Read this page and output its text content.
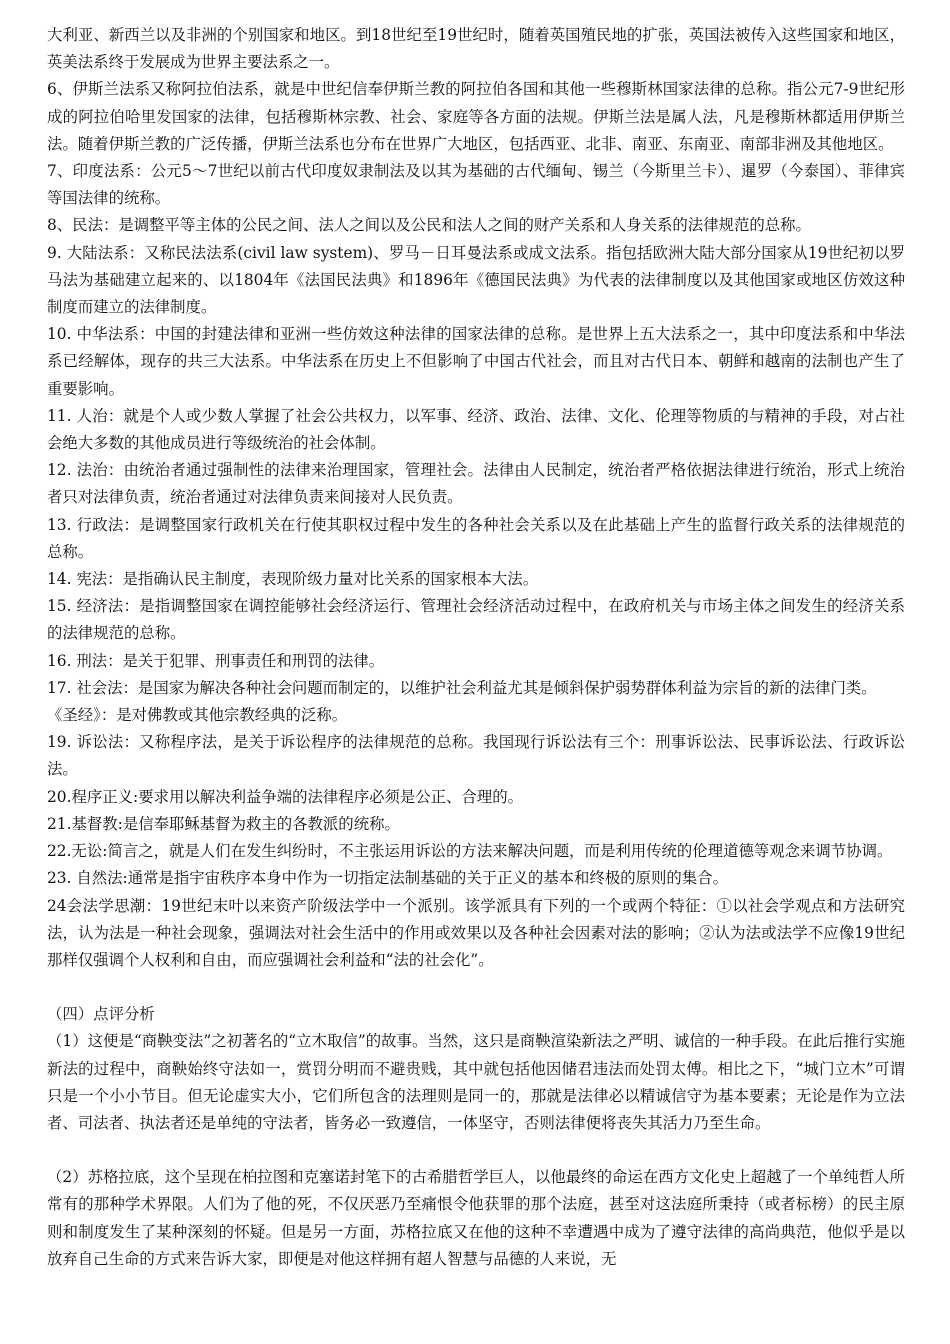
大利亚、新西兰以及非洲的个别国家和地区。到18世纪至19世纪时，随着英国殖民地的扩张，英国法被传入这些国家和地区，英美法系终于发展成为世界主要法系之一。

6、伊斯兰法系又称阿拉伯法系，就是中世纪信奉伊斯兰教的阿拉伯各国和其他一些穆斯林国家法律的总称。指公元7-9世纪形成的阿拉伯哈里发国家的法律，包括穆斯林宗教、社会、家庭等各方面的法规。伊斯兰法是属人法，凡是穆斯林都适用伊斯兰法。随着伊斯兰教的广泛传播，伊斯兰法系也分布在世界广大地区，包括西亚、北非、南亚、东南亚、南部非洲及其他地区。

7、印度法系：公元5～7世纪以前古代印度奴隶制法及以其为基础的古代缅甸、锡兰（今斯里兰卡）、暹罗（今泰国）、菲律宾等国法律的统称。

8、民法：是调整平等主体的公民之间、法人之间以及公民和法人之间的财产关系和人身关系的法律规范的总称。

9. 大陆法系：又称民法法系(civil law system)、罗马－日耳曼法系或成文法系。指包括欧洲大陆大部分国家从19世纪初以罗马法为基础建立起来的、以1804年《法国民法典》和1896年《德国民法典》为代表的法律制度以及其他国家或地区仿效这种制度而建立的法律制度。

10. 中华法系：中国的封建法律和亚洲一些仿效这种法律的国家法律的总称。是世界上五大法系之一，其中印度法系和中华法系已经解体，现存的共三大法系。中华法系在历史上不但影响了中国古代社会，而且对古代日本、朝鲜和越南的法制也产生了重要影响。

11. 人治：就是个人或少数人掌握了社会公共权力，以军事、经济、政治、法律、文化、伦理等物质的与精神的手段，对占社会绝大多数的其他成员进行等级统治的社会体制。

12. 法治：由统治者通过强制性的法律来治理国家，管理社会。法律由人民制定，统治者严格依据法律进行统治，形式上统治者只对法律负责，统治者通过对法律负责来间接对人民负责。

13. 行政法：是调整国家行政机关在行使其职权过程中发生的各种社会关系以及在此基础上产生的监督行政关系的法律规范的总称。

14. 宪法：是指确认民主制度，表现阶级力量对比关系的国家根本大法。

15. 经济法：是指调整国家在调控能够社会经济运行、管理社会经济活动过程中，在政府机关与市场主体之间发生的经济关系的法律规范的总称。

16. 刑法：是关于犯罪、刑事责任和刑罚的法律。

17. 社会法：是国家为解决各种社会问题而制定的，以维护社会利益尤其是倾斜保护弱势群体利益为宗旨的新的法律门类。

《圣经》：是对佛教或其他宗教经典的泛称。

19. 诉讼法：又称程序法，是关于诉讼程序的法律规范的总称。我国现行诉讼法有三个：刑事诉讼法、民事诉讼法、行政诉讼法。

20.程序正义:要求用以解决利益争端的法律程序必须是公正、合理的。

21.基督教:是信奉耶稣基督为救主的各教派的统称。

22.无讼:简言之，就是人们在发生纠纷时，不主张运用诉讼的方法来解决问题，而是利用传统的伦理道德等观念来调节协调。

23. 自然法:通常是指宇宙秩序本身中作为一切指定法制基础的关于正义的基本和终极的原则的集合。

24会法学思潮：19世纪末叶以来资产阶级法学中一个派别。该学派具有下列的一个或两个特征：①以社会学观点和方法研究法，认为法是一种社会现象，强调法对社会生活中的作用或效果以及各种社会因素对法的影响；②认为法或法学不应像19世纪那样仅强调个人权利和自由，而应强调社会利益和“法的社会化”。

（四）点评分析

（1）这便是“商鞅变法”之初著名的“立木取信”的故事。当然，这只是商鞅渲染新法之严明、诚信的一种手段。在此后推行实施新法的过程中，商鞅始终守法如一，赏罚分明而不避贵贱，其中就包括他因储君违法而处罚太傅。相比之下，“城门立木”可谓只是一个小小节目。但无论虚实大小，它们所包含的法理则是同一的，那就是法律必以精诚信守为基本要素；无论是作为立法者、司法者、执法者还是单纯的守法者，皆务必一致遵信，一体坚守，否则法律便将丧失其活力乃至生命。

（2）苏格拉底，这个呈现在柏拉图和克塞诺封笔下的古希腊哲学巨人，以他最终的命运在西方文化史上超越了一个单纯哲人所常有的那种学术界限。人们为了他的死，不仅厌恶乃至痛恨令他获罪的那个法庭，甚至对这法庭所秉持（或者标榜）的民主原则和制度发生了某种深刻的怀疑。但是另一方面，苏格拉底又在他的这种不幸遭遇中成为了遵守法律的高尚典范，他似乎是以放弃自己生命的方式来告诉大家，即便是对他这样拥有超人智慧与品德的人来说，无
